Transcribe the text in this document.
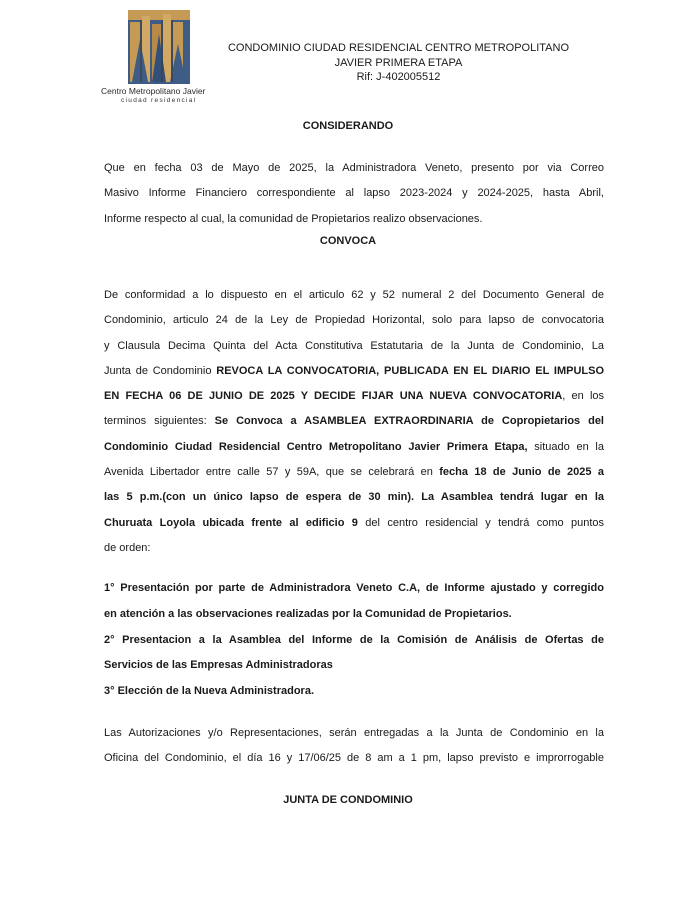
Centro Metropolitano Javier
ciudad residencial
CONDOMINIO CIUDAD RESIDENCIAL CENTRO METROPOLITANO
JAVIER PRIMERA ETAPA
Rif: J-402005512
CONSIDERANDO
Que en fecha 03 de Mayo de 2025, la Administradora Veneto, presento por via Correo
Masivo Informe Financiero correspondiente al lapso 2023-2024 y 2024-2025, hasta Abril,
Informe respecto al cual, la comunidad de Propietarios realizo observaciones.
CONVOCA
De conformidad a lo dispuesto en el articulo 62 y 52 numeral 2 del Documento General de
Condominio, articulo 24 de la Ley de Propiedad Horizontal, solo para lapso de convocatoria
y Clausula Decima Quinta del Acta Constitutiva Estatutaria de la Junta de Condominio, La
Junta de Condominio REVOCA LA CONVOCATORIA, PUBLICADA EN EL DIARIO EL IMPULSO
EN FECHA 06 DE JUNIO DE 2025 Y DECIDE FIJAR UNA NUEVA CONVOCATORIA, en los
terminos siguientes: Se Convoca a ASAMBLEA EXTRAORDINARIA de Copropietarios del
Condominio Ciudad Residencial Centro Metropolitano Javier Primera Etapa, situado en la
Avenida Libertador entre calle 57 y 59A, que se celebrará en fecha 18 de Junio de 2025 a
las 5 p.m.(con un único lapso de espera de 30 min). La Asamblea tendrá lugar en la
Churuata Loyola ubicada frente al edificio 9 del centro residencial y tendrá como puntos
de orden:
1° Presentación por parte de Administradora Veneto C.A, de Informe ajustado y corregido
en atención a las observaciones realizadas por la Comunidad de Propietarios.
2° Presentacion a la Asamblea del Informe de la Comisión de Análisis de Ofertas de
Servicios de las Empresas Administradoras
3° Elección de la Nueva Administradora.
Las Autorizaciones y/o Representaciones, serán entregadas a la Junta de Condominio en la
Oficina del Condominio, el día 16 y 17/06/25 de 8 am a 1 pm, lapso previsto e improrrogable
JUNTA DE CONDOMINIO
